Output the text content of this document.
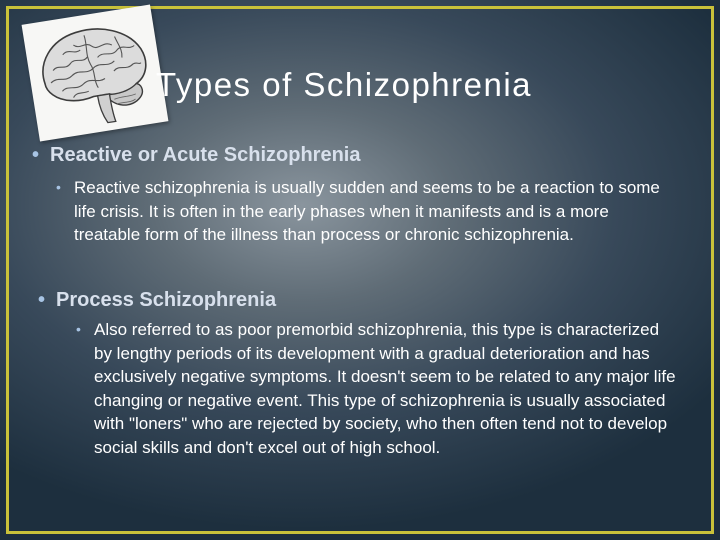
Types of Schizophrenia

• Reactive or Acute Schizophrenia

• Reactive schizophrenia is usually sudden and seems to be a reaction to some life crisis. It is often in the early phases when it manifests and is a more treatable form of the illness than process or chronic schizophrenia.

• Process Schizophrenia

• Also referred to as poor premorbid schizophrenia, this type is characterized by lengthy periods of its development with a gradual deterioration and has exclusively negative symptoms. It doesn't seem to be related to any major life changing or negative event. This type of schizophrenia is usually associated with "loners" who are rejected by society, who then often tend not to develop social skills and don't excel out of high school.
